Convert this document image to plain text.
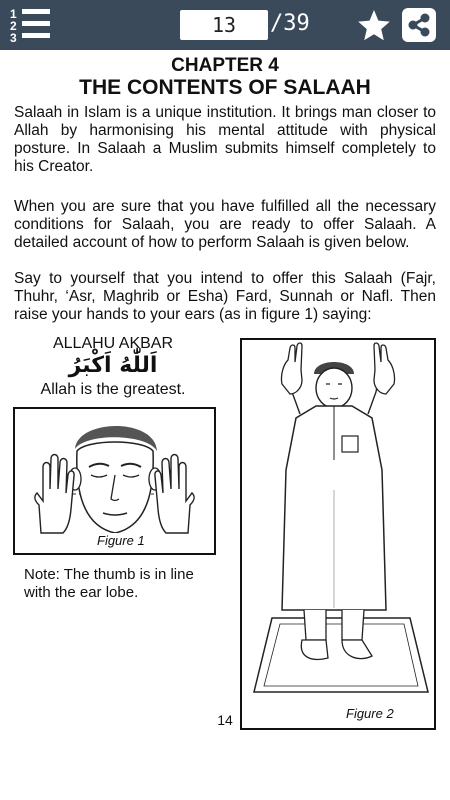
1
2
3
13	/39
CHAPTER 4
THE CONTENTS OF SALAAH

Salaah in Islam is a unique institution. It brings man closer to Allah by harmonising his mental attitude with physical posture. In Salaah a Muslim submits himself completely to his Creator.

When you are sure that you have fulfilled all the necessary conditions for Salaah, you are ready to offer Salaah. A detailed account of how to perform Salaah is given below.

Say to yourself that you intend to offer this Salaah (Fajr, Thuhr, ‘Asr, Maghrib or Esha) Fard, Sunnah or Nafl. Then raise your hands to your ears (as in figure 1) saying:

ALLAHU AKBAR
اَللّٰهُ اَكْبَرُ
Allah is the greatest.
Figure 1
Figure 2
Note: The thumb is in line with the ear lobe.
14
